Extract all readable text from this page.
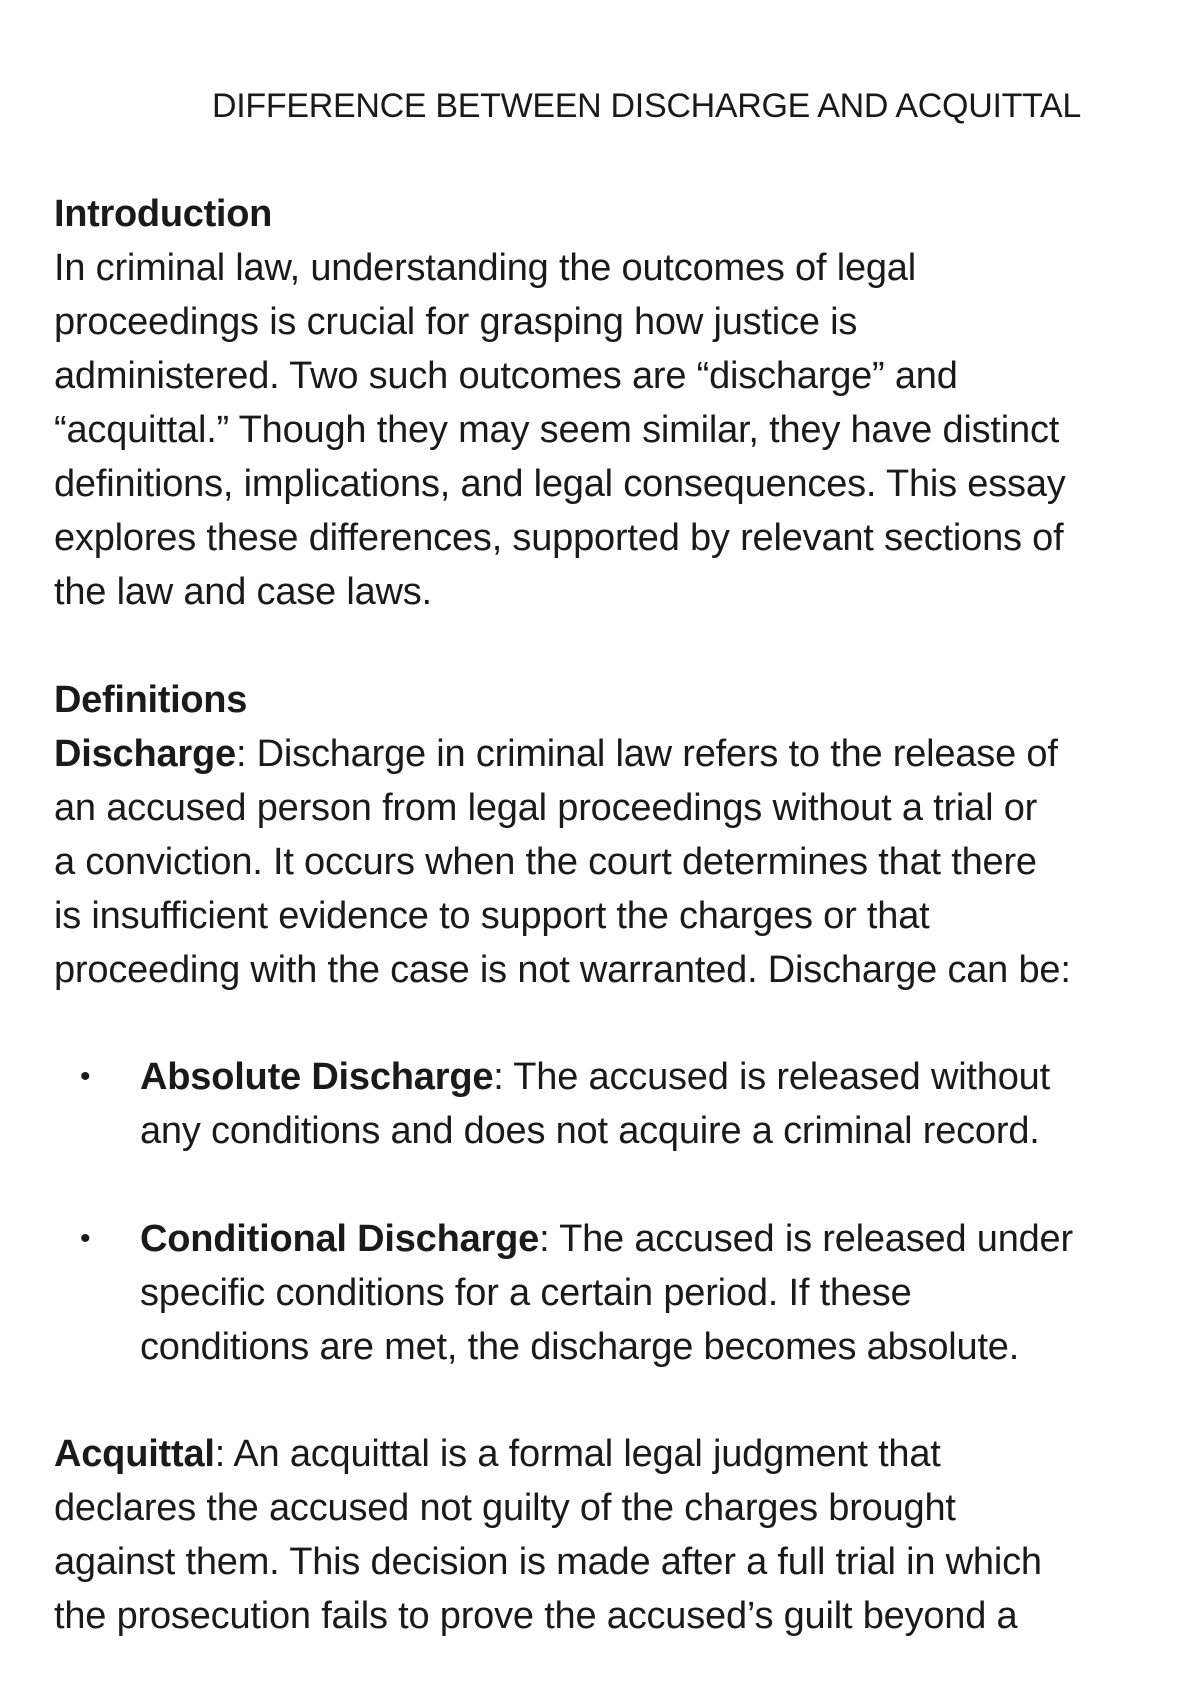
DIFFERENCE BETWEEN DISCHARGE AND ACQUITTAL
Introduction

In criminal law, understanding the outcomes of legal
proceedings is crucial for grasping how justice is
administered. Two such outcomes are “discharge” and
“acquittal.” Though they may seem similar, they have distinct
definitions, implications, and legal consequences. This essay
explores these differences, supported by relevant sections of
the law and case laws.

Definitions

Discharge: Discharge in criminal law refers to the release of
an accused person from legal proceedings without a trial or
a conviction. It occurs when the court determines that there
is insufficient evidence to support the charges or that
proceeding with the case is not warranted. Discharge can be:

• Absolute Discharge: The accused is released without
any conditions and does not acquire a criminal record.
• Conditional Discharge: The accused is released under
specific conditions for a certain period. If these
conditions are met, the discharge becomes absolute.

Acquittal: An acquittal is a formal legal judgment that
declares the accused not guilty of the charges brought
against them. This decision is made after a full trial in which
the prosecution fails to prove the accused’s guilt beyond a
